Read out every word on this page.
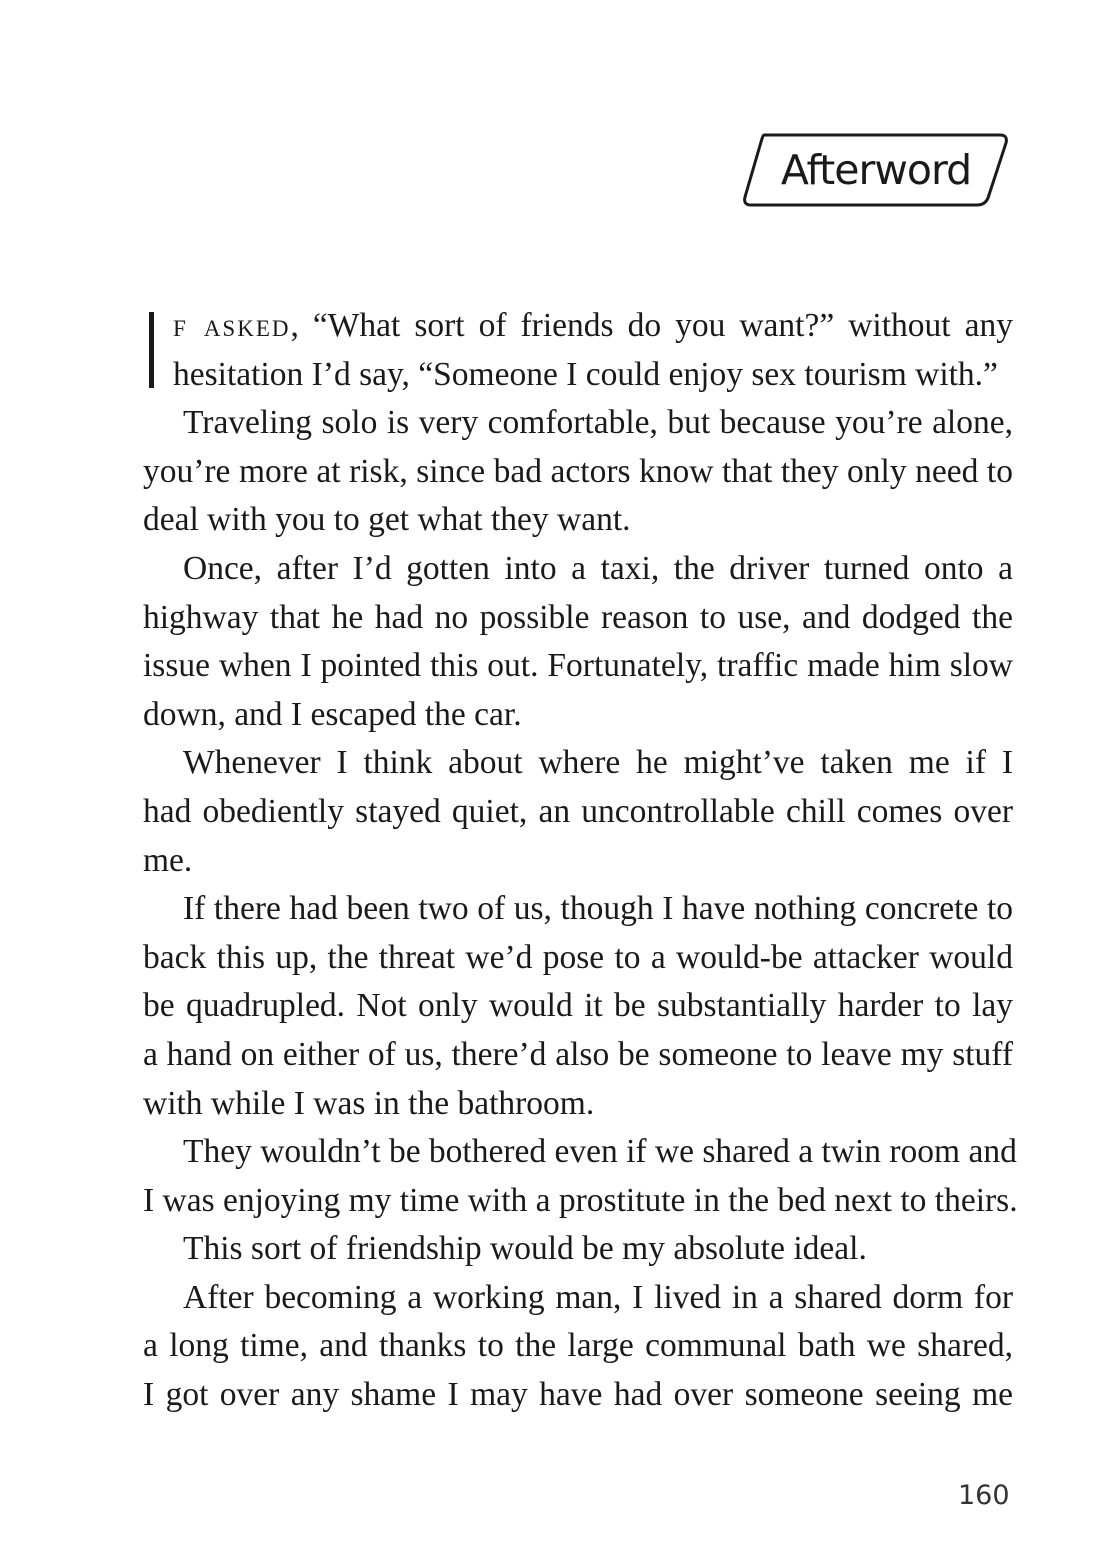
Afterword
f asked, “What sort of friends do you want?” without any
hesitation I’d say, “Someone I could enjoy sex tourism with.”
Traveling solo is very comfortable, but because you’re alone,
you’re more at risk, since bad actors know that they only need to
deal with you to get what they want.
Once, after I’d gotten into a taxi, the driver turned onto a
highway that he had no possible reason to use, and dodged the
issue when I pointed this out. Fortunately, traffic made him slow
down, and I escaped the car.
Whenever I think about where he might’ve taken me if I
had obediently stayed quiet, an uncontrollable chill comes over
me.
If there had been two of us, though I have nothing concrete to
back this up, the threat we’d pose to a would-be attacker would
be quadrupled. Not only would it be substantially harder to lay
a hand on either of us, there’d also be someone to leave my stuff
with while I was in the bathroom.
They wouldn’t be bothered even if we shared a twin room and
I was enjoying my time with a prostitute in the bed next to theirs.
This sort of friendship would be my absolute ideal.
After becoming a working man, I lived in a shared dorm for
a long time, and thanks to the large communal bath we shared,
I got over any shame I may have had over someone seeing me
160
